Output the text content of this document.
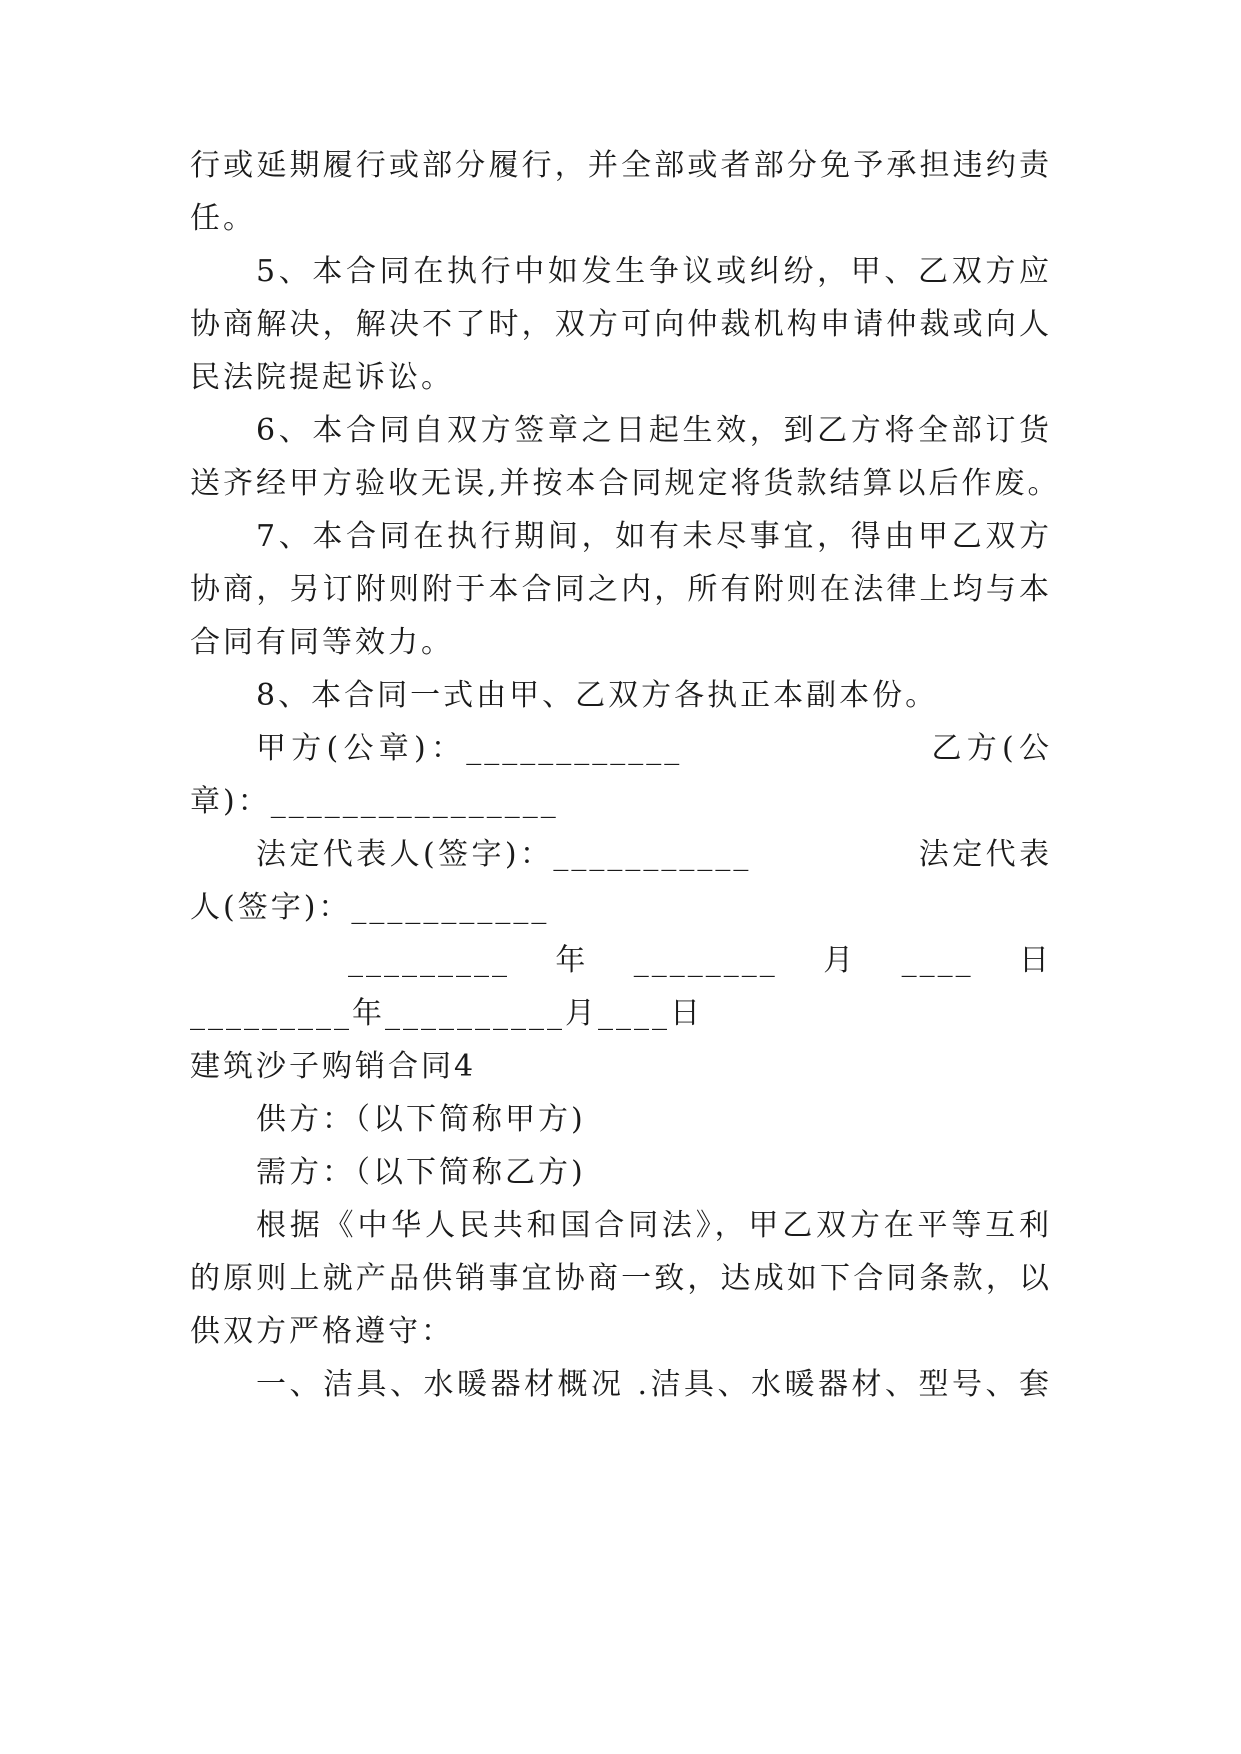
行或延期履行或部分履行，并全部或者部分免予承担违约责
任。
5、本合同在执行中如发生争议或纠纷，甲、乙双方应
协商解决，解决不了时，双方可向仲裁机构申请仲裁或向人
民法院提起诉讼。
6、本合同自双方签章之日起生效，到乙方将全部订货
送齐经甲方验收无误,并按本合同规定将货款结算以后作废。
7、本合同在执行期间，如有未尽事宜，得由甲乙双方
协商，另订附则附于本合同之内，所有附则在法律上均与本
合同有同等效力。
8、本合同一式由甲、乙双方各执正本副本份。
甲方(公章)：____________　　　　　　　乙方(公
章)：________________
法定代表人(签字)：___________　　　　　法定代表
人(签字)：___________
_________　年　________　月　____　日
_________年__________月____日
建筑沙子购销合同4
供方：（以下简称甲方)
需方：（以下简称乙方)
根据《中华人民共和国合同法》，甲乙双方在平等互利
的原则上就产品供销事宜协商一致，达成如下合同条款，以
供双方严格遵守：
一、洁具、水暖器材概况 .洁具、水暖器材、型号、套
